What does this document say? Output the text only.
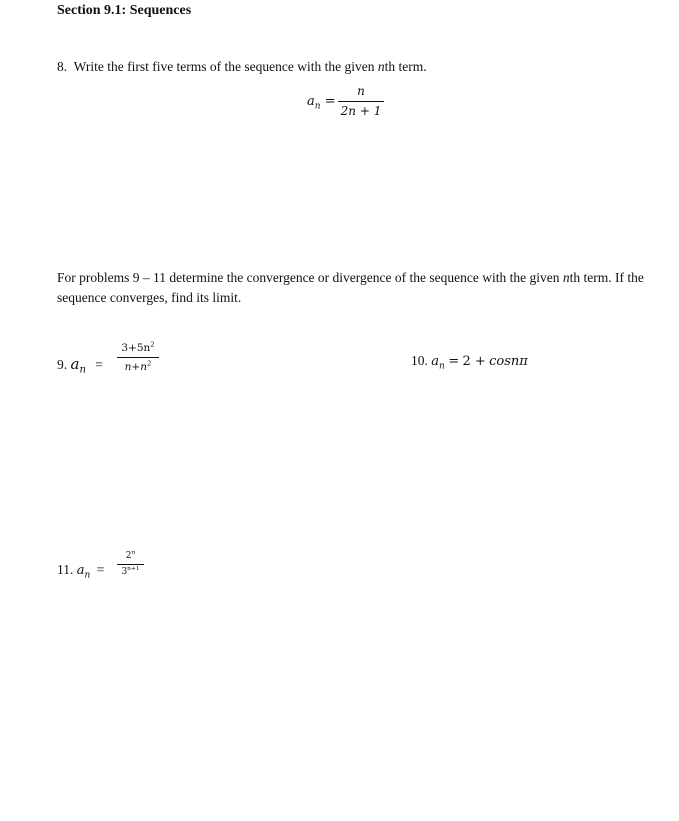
Section 9.1: Sequences
8. Write the first five terms of the sequence with the given nth term.
$a_n$ =
n
2n + 1
For problems 9 – 11 determine the convergence or divergence of the sequence with the given nth term. If the sequence converges, find its limit.
9. $a_n$ =
$3+5n^2$
$n+n^2$	10. $a_n = 2 + \cos n\pi$
11. $a_n$ =
$2^n$
$3^{n+1}$
